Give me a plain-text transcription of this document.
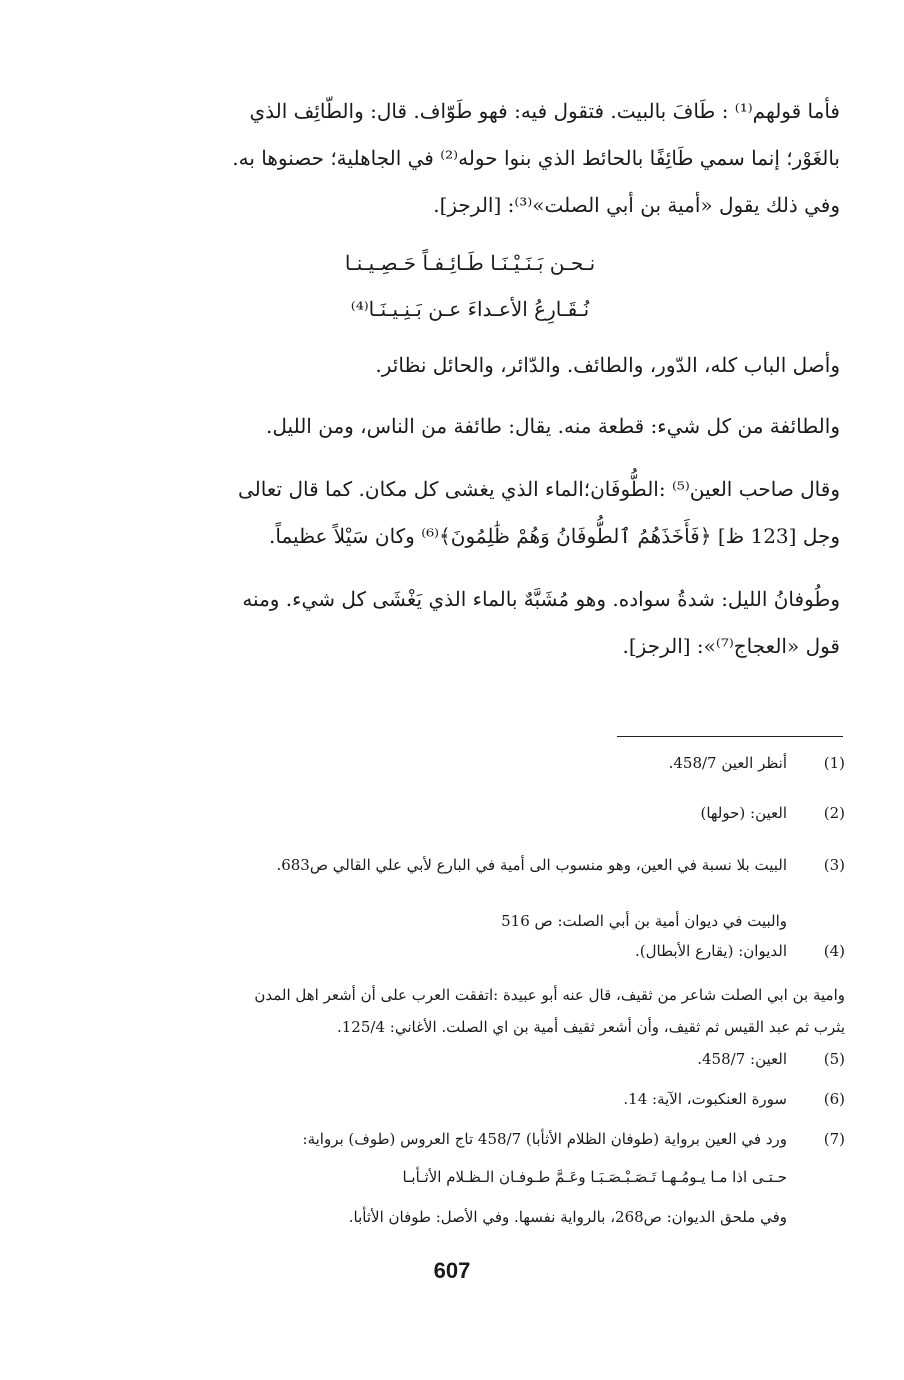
فأما قولهم⁽¹⁾ : طَافَ بالبيت. فتقول فيه: فهو طَوّاف. قال: والطّائِف الذي
بالغَوْر؛ إنما سمي طَائِفًا بالحائط الذي بنوا حوله⁽²⁾ في الجاهلية؛ حصنوها به.
وفي ذلك يقول «أمية بن أبي الصلت»⁽³⁾: [الرجز].
نـحـن بَـنَـيْـنَـا طَـائِـفـاً حَـصِـيـنـا
نُـقَـارِعُ الأعـداءَ عـن بَـنِـيـنَـا⁽⁴⁾
وأصل الباب كله، الدّور، والطائف. والدّائر، والحائل نظائر.
والطائفة من كل شيء: قطعة منه. يقال: طائفة من الناس، ومن الليل.
وقال صاحب العين⁽⁵⁾ :الطُّوفَان؛الماء الذي يغشى كل مكان. كما قال تعالى
وجل [123 ظ] ﴿فَأَخَذَهُمُ ٱلطُّوفَانُ وَهُمْ ظَٰلِمُونَ﴾⁽⁶⁾ وكان سَيْلاً عظيماً.
وطُوفانُ الليل: شدةُ سواده. وهو مُشَبَّهٌ بالماء الذي يَغْشَى كل شيء. ومنه
قول «العجاج⁽⁷⁾»: [الرجز].
(1)
أنظر العين 458/7.
(2)
العين: (حولها)
(3)
البيت بلا نسبة في العين، وهو منسوب الى أمية في البارع لأبي علي القالي ص683.
والبيت في ديوان أمية بن أبي الصلت: ص 516
(4)
الديوان: (يقارع الأبطال).
وامية بن ابي الصلت شاعر من ثقيف، قال عنه أبو عبيدة :اتفقت العرب على أن أشعر اهل المدن
يثرب ثم عبد القيس ثم ثقيف، وأن أشعر ثقيف أمية بن اي الصلت. الأغاني: 125/4.
(5)
العين: 458/7.
(6)
سورة العنكبوت، الآية: 14.
(7)
ورد في العين برواية (طوفان الظلام الأثأبا) 458/7 تاج العروس (طوف) برواية:
حـتـى اذا مـا يـومُـهـا تَـصَـبْـصَـبَـا وعَـمَّ طـوفـان الـظـلام الأثـأبـا
وفي ملحق الديوان: ص268، بالرواية نفسها. وفي الأصل: طوفان الأثأبا.
607
